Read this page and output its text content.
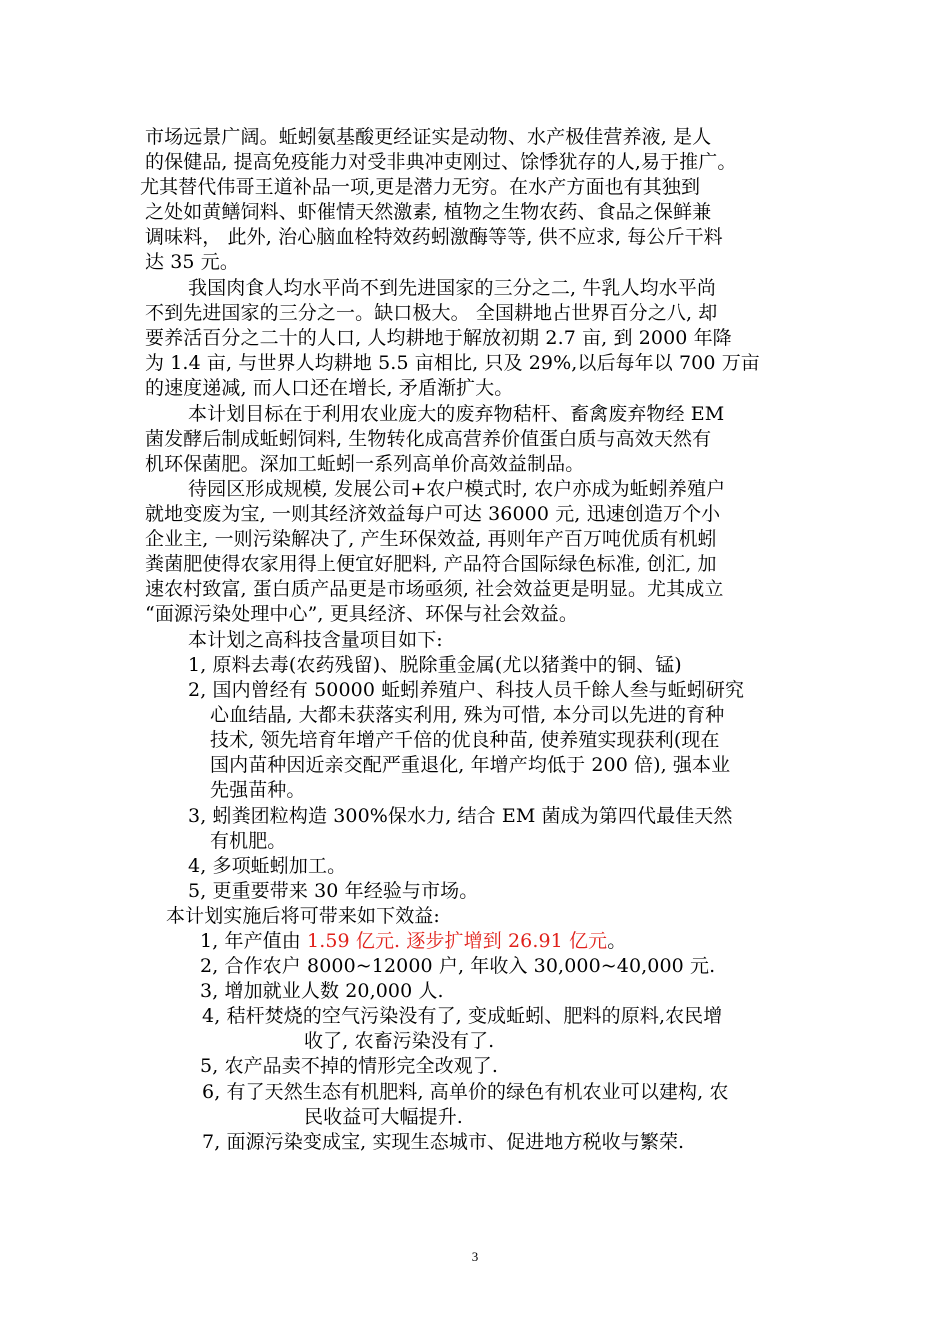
市场远景广阔。蚯蚓氨基酸更经证实是动物、水产极佳营养液, 是人
的保健品, 提高免疫能力对受非典冲吏刚过、馀悸犹存的人,易于推广。
尤其替代伟哥王道补品一项,更是潜力无穷。在水产方面也有其独到
之处如黄鳝饲料、虾催情天然激素, 植物之生物农药、食品之保鲜兼
调味料， 此外, 治心脑血栓特效药蚓激酶等等, 供不应求, 每公斤干料
达 35 元。
我国肉食人均水平尚不到先进国家的三分之二, 牛乳人均水平尚
不到先进国家的三分之一。缺口极大。 全国耕地占世界百分之八, 却
要养活百分之二十的人口, 人均耕地于解放初期 2.7 亩, 到 2000 年降
为 1.4 亩, 与世界人均耕地 5.5 亩相比, 只及 29%,以后每年以 700 万亩
的速度递减, 而人口还在增长, 矛盾渐扩大。
本计划目标在于利用农业庞大的废弃物秸杆、畜禽废弃物经 EM
菌发酵后制成蚯蚓饲料, 生物转化成高营养价值蛋白质与高效天然有
机环保菌肥。深加工蚯蚓一系列高单价高效益制品。
待园区形成规模, 发展公司+农户模式时, 农户亦成为蚯蚓养殖户
就地变废为宝, 一则其经济效益每户可达 36000 元, 迅速创造万个小
企业主, 一则污染解决了, 产生环保效益, 再则年产百万吨优质有机蚓
粪菌肥使得农家用得上便宜好肥料, 产品符合国际绿色标准, 创汇, 加
速农村致富, 蛋白质产品更是市场亟须, 社会效益更是明显。尤其成立
“面源污染处理中心”, 更具经济、环保与社会效益。
本计划之高科技含量项目如下:
1, 原料去毒(农药残留)、脱除重金属(尤以猪粪中的铜、锰)
2, 国内曾经有 50000 蚯蚓养殖户、科技人员千餘人叁与蚯蚓研究
心血结晶, 大都未获落实利用, 殊为可惜, 本分司以先进的育种
技术, 领先培育年增产千倍的优良种苗, 使养殖实现获利(现在
国内苗种因近亲交配严重退化, 年增产均低于 200 倍), 强本业
先强苗种。
3, 蚓粪团粒构造 300%保水力, 结合 EM 菌成为第四代最佳天然
有机肥。
4, 多项蚯蚓加工。
5, 更重要带来 30 年经验与市场。
本计划实施后将可带来如下效益:
1, 年产值由 1.59 亿元. 逐步扩增到 26.91 亿元。
2, 合作农户 8000~12000 户, 年收入 30,000~40,000 元.
3, 增加就业人数 20,000 人.
4, 秸杆焚烧的空气污染没有了, 变成蚯蚓、肥料的原料,农民增
收了, 农畜污染没有了.
5, 农产品卖不掉的情形完全改观了.
6, 有了天然生态有机肥料, 高单价的绿色有机农业可以建构, 农
民收益可大幅提升.
7, 面源污染变成宝, 实现生态城市、促进地方税收与繁荣.
3
